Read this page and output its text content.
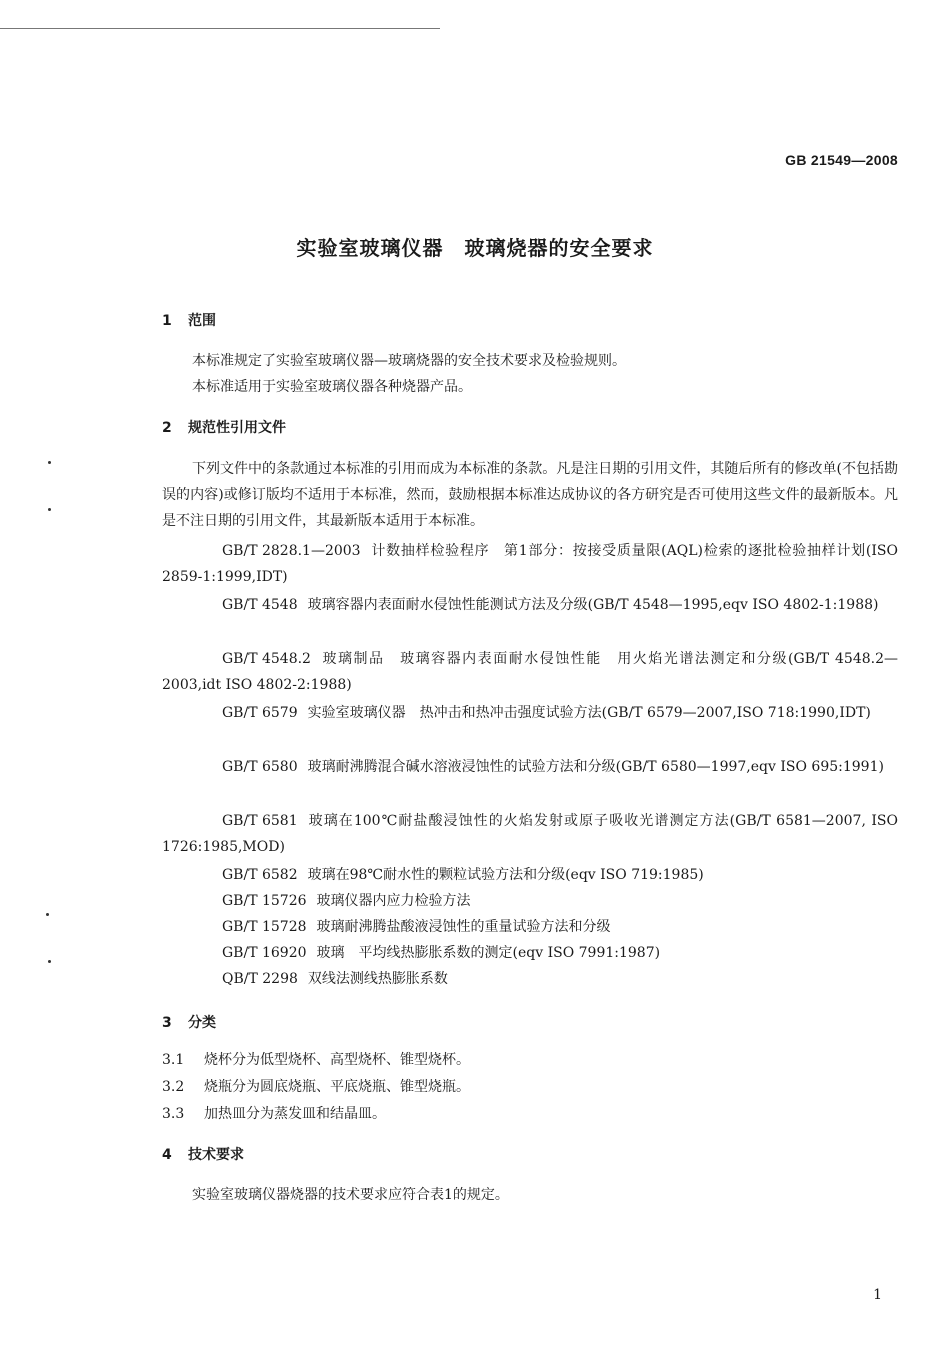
GB 21549—2008
实验室玻璃仪器　玻璃烧器的安全要求
1 范围
本标准规定了实验室玻璃仪器—玻璃烧器的安全技术要求及检验规则。
本标准适用于实验室玻璃仪器各种烧器产品。
2 规范性引用文件
下列文件中的条款通过本标准的引用而成为本标准的条款。凡是注日期的引用文件，其随后所有的修改单(不包括勘误的内容)或修订版均不适用于本标准，然而，鼓励根据本标准达成协议的各方研究是否可使用这些文件的最新版本。凡是不注日期的引用文件，其最新版本适用于本标准。
GB/T 2828.1—2003 计数抽样检验程序　第1部分：按接受质量限(AQL)检索的逐批检验抽样计划(ISO 2859-1:1999,IDT)
GB/T 4548 玻璃容器内表面耐水侵蚀性能测试方法及分级(GB/T 4548—1995,eqv ISO 4802-1:1988)
GB/T 4548.2 玻璃制品　玻璃容器内表面耐水侵蚀性能　用火焰光谱法测定和分级(GB/T 4548.2—2003,idt ISO 4802-2:1988)
GB/T 6579 实验室玻璃仪器　热冲击和热冲击强度试验方法(GB/T 6579—2007,ISO 718:1990,IDT)
GB/T 6580 玻璃耐沸腾混合碱水溶液浸蚀性的试验方法和分级(GB/T 6580—1997,eqv ISO 695:1991)
GB/T 6581 玻璃在100℃耐盐酸浸蚀性的火焰发射或原子吸收光谱测定方法(GB/T 6581—2007, ISO 1726:1985,MOD)
GB/T 6582 玻璃在98℃耐水性的颗粒试验方法和分级(eqv ISO 719:1985)
GB/T 15726 玻璃仪器内应力检验方法
GB/T 15728 玻璃耐沸腾盐酸液浸蚀性的重量试验方法和分级
GB/T 16920 玻璃　平均线热膨胀系数的测定(eqv ISO 7991:1987)
QB/T 2298 双线法测线热膨胀系数
3 分类
3.1 烧杯分为低型烧杯、高型烧杯、锥型烧杯。
3.2 烧瓶分为圆底烧瓶、平底烧瓶、锥型烧瓶。
3.3 加热皿分为蒸发皿和结晶皿。
4 技术要求
实验室玻璃仪器烧器的技术要求应符合表1的规定。
1
